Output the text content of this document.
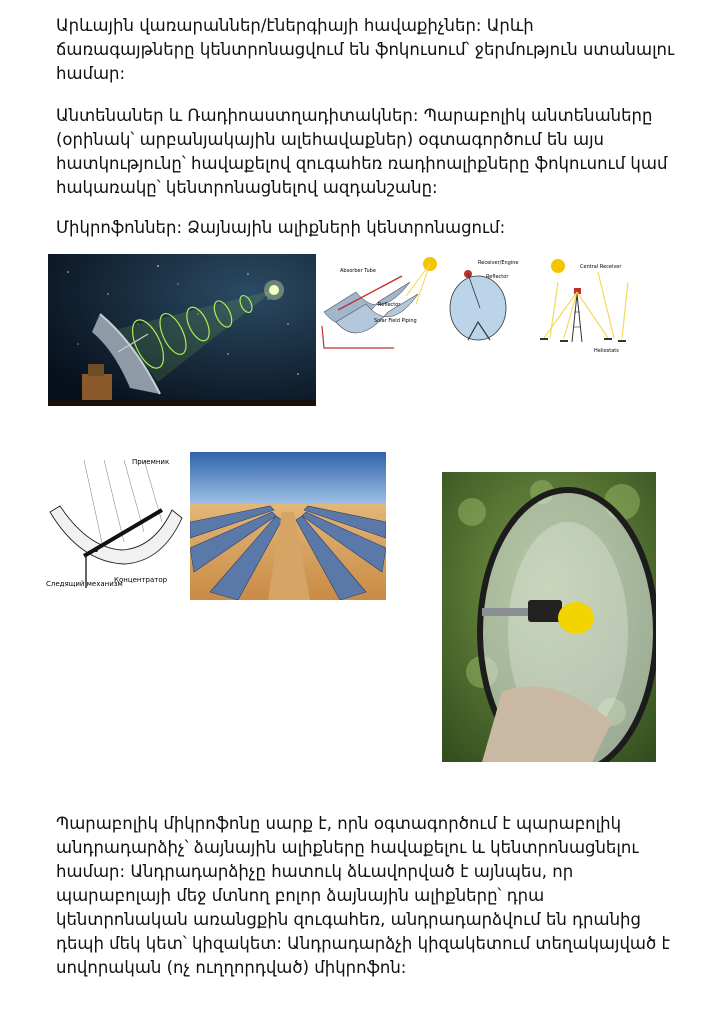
Արևային վառարաններ/էներգիայի հավաքիչներ: Արևի ճառագայթները կենտրոնացվում են ֆոկուսում՝ ջերմություն ստանալու համար:

Անտենաներ և Ռադիոաստղադիտակներ: Պարաբոլիկ անտենաները (օրինակ՝ արբանյակային ալեհավաքներ) օգտագործում են այս հատկությունը՝ հավաքելով զուգահեռ ռադիոալիքները ֆոկուսում կամ հակառակը՝ կենտրոնացնելով ազդանշանը:

Միկրոֆոններ: Ձայնային ալիքների կենտրոնացում:

Absorber Tube
Reflector
Solar Field Piping
Receiver/Engine
Reflector
Central Receiver
Heliostats
Приемник
Следящий механизм
Концентратор

Պարաբոլիկ միկրոֆոնը սարք է, որն օգտագործում է պարաբոլիկ անդրադարձիչ՝ ձայնային ալիքները հավաքելու և կենտրոնացնելու համար: Անդրադարձիչը հատուկ ձևավորված է այնպես, որ պարաբոլայի մեջ մտնող բոլոր ձայնային ալիքները՝ դրա կենտրոնական առանցքին զուգահեռ, անդրադարձվում են դրանից դեպի մեկ կետ՝ կիզակետ: Անդրադարձչի կիզակետում տեղակայված է սովորական (ոչ ուղղորդված) միկրոֆոն:
